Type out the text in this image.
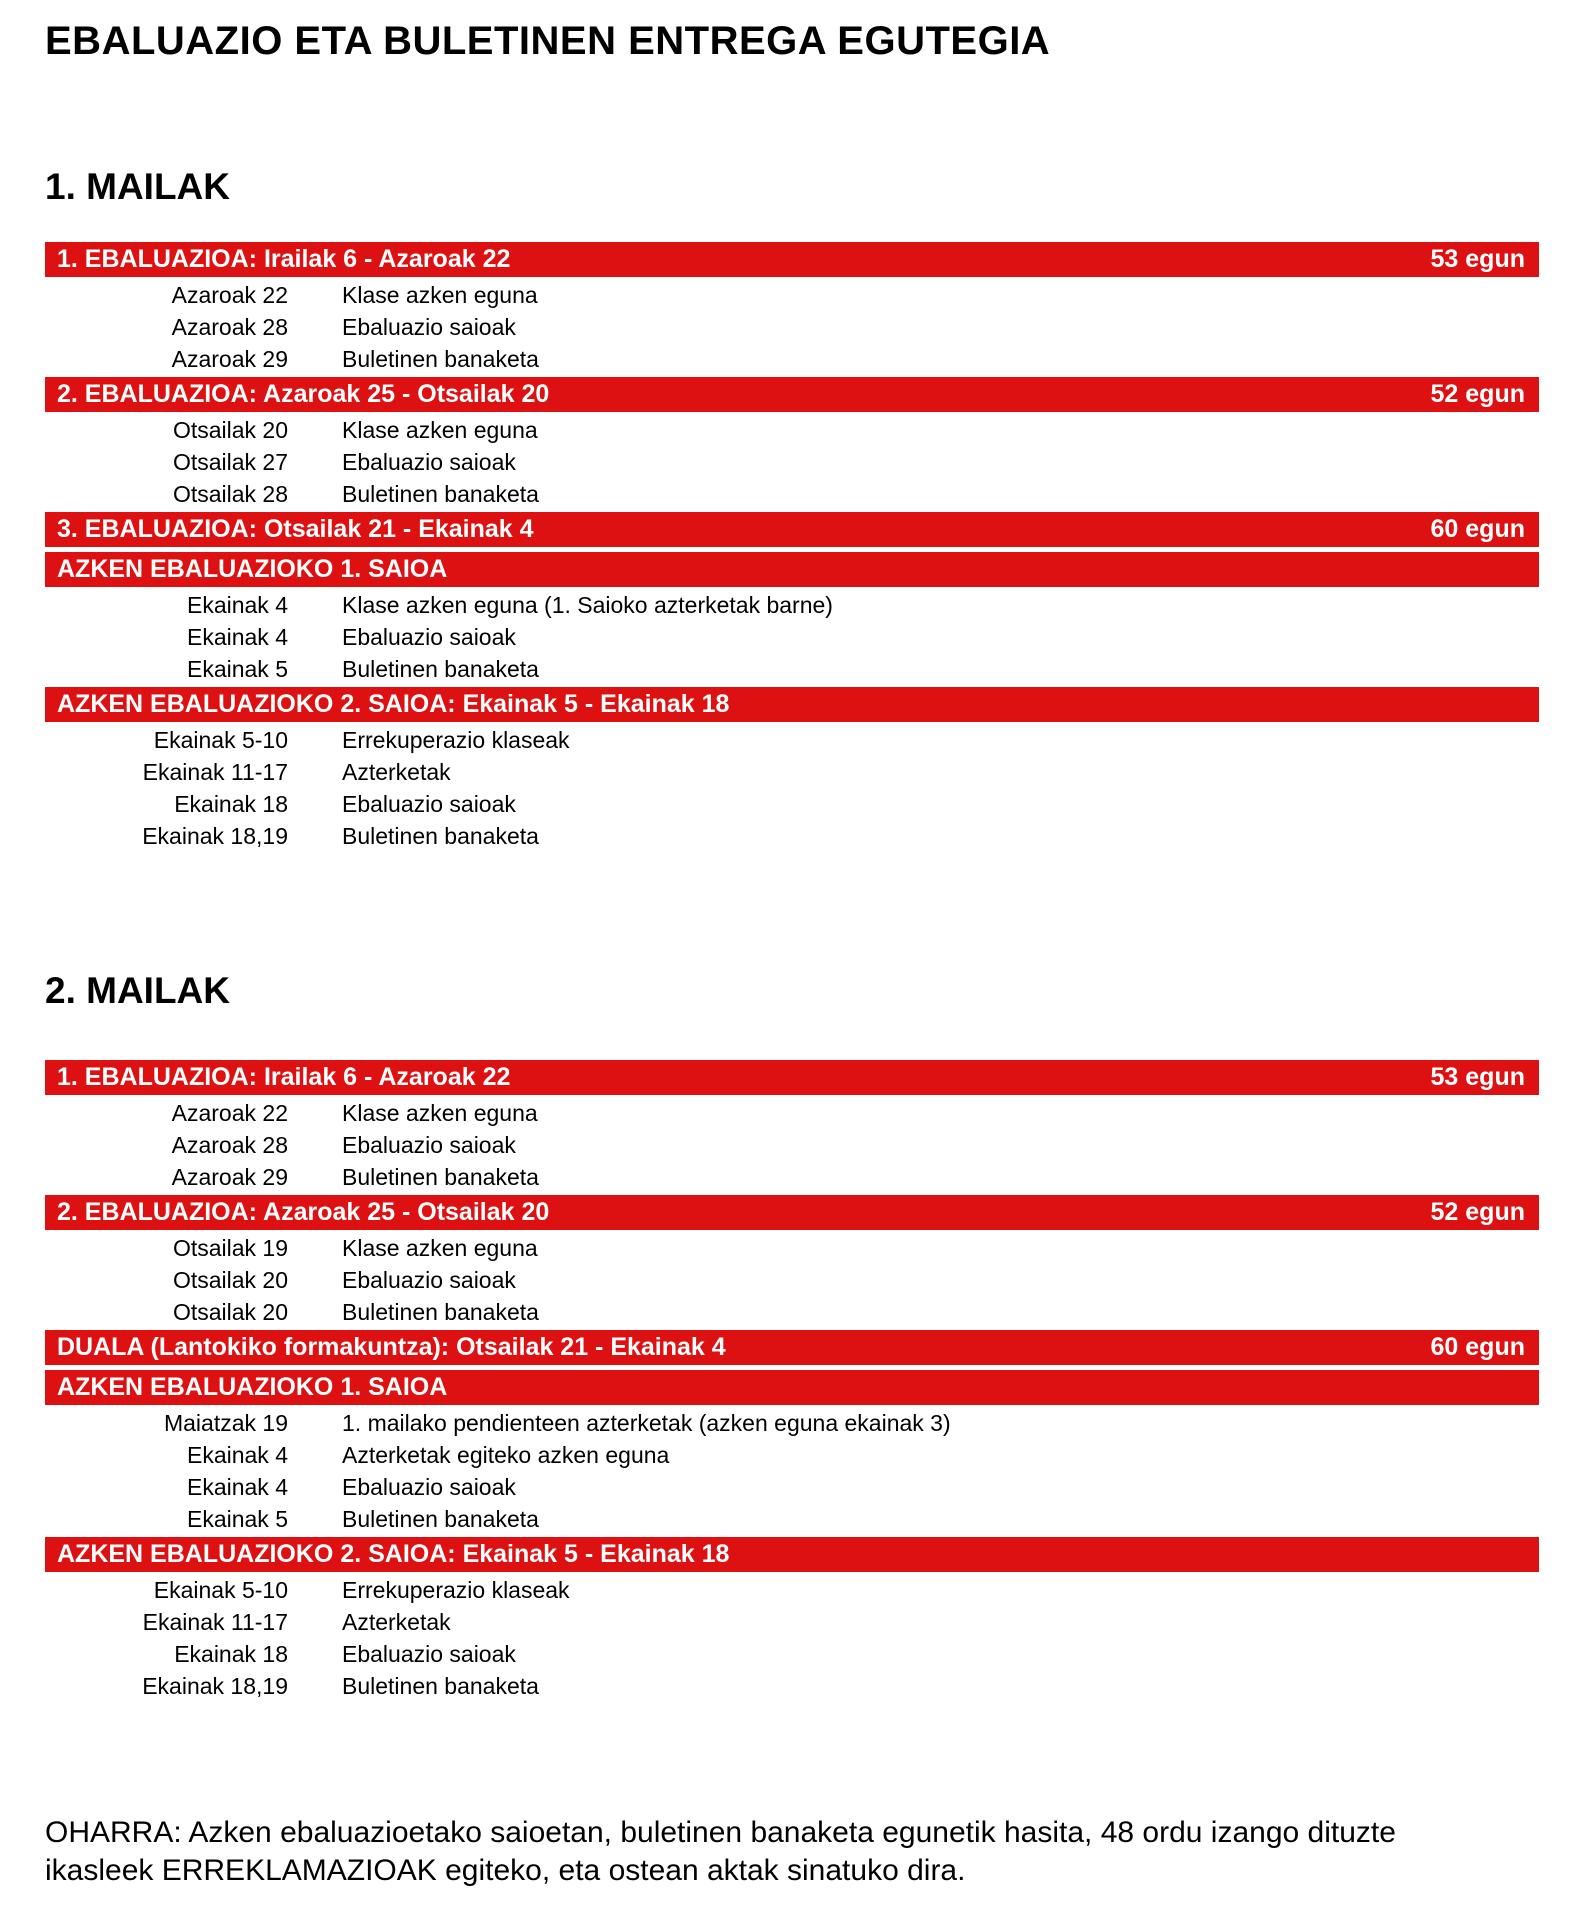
EBALUAZIO ETA BULETINEN ENTREGA EGUTEGIA
1. MAILAK
1. EBALUAZIOA: Irailak 6 - Azaroak 22	53 egun
Azaroak 22 Klase azken eguna
Azaroak 28 Ebaluazio saioak
Azaroak 29 Buletinen banaketa
2. EBALUAZIOA: Azaroak 25 - Otsailak 20	52 egun
Otsailak 20 Klase azken eguna
Otsailak 27 Ebaluazio saioak
Otsailak 28 Buletinen banaketa
3. EBALUAZIOA: Otsailak 21 - Ekainak 4	60 egun
AZKEN EBALUAZIOKO 1. SAIOA
Ekainak 4 Klase azken eguna (1. Saioko azterketak barne)
Ekainak 4 Ebaluazio saioak
Ekainak 5 Buletinen banaketa
AZKEN EBALUAZIOKO 2. SAIOA: Ekainak 5 - Ekainak 18
Ekainak 5-10 Errekuperazio klaseak
Ekainak 11-17 Azterketak
Ekainak 18 Ebaluazio saioak
Ekainak 18,19 Buletinen banaketa
2. MAILAK
1. EBALUAZIOA: Irailak 6 - Azaroak 22	53 egun
Azaroak 22 Klase azken eguna
Azaroak 28 Ebaluazio saioak
Azaroak 29 Buletinen banaketa
2. EBALUAZIOA: Azaroak 25 - Otsailak 20	52 egun
Otsailak 19 Klase azken eguna
Otsailak 20 Ebaluazio saioak
Otsailak 20 Buletinen banaketa
DUALA (Lantokiko formakuntza): Otsailak 21 - Ekainak 4	60 egun
AZKEN EBALUAZIOKO 1. SAIOA
Maiatzak 19 1. mailako pendienteen azterketak (azken eguna ekainak 3)
Ekainak 4 Azterketak egiteko azken eguna
Ekainak 4 Ebaluazio saioak
Ekainak 5 Buletinen banaketa
AZKEN EBALUAZIOKO 2. SAIOA: Ekainak 5 - Ekainak 18
Ekainak 5-10 Errekuperazio klaseak
Ekainak 11-17 Azterketak
Ekainak 18 Ebaluazio saioak
Ekainak 18,19 Buletinen banaketa
OHARRA: Azken ebaluazioetako saioetan, buletinen banaketa egunetik hasita, 48 ordu izango dituzte
ikasleek ERREKLAMAZIOAK egiteko, eta ostean aktak sinatuko dira.
